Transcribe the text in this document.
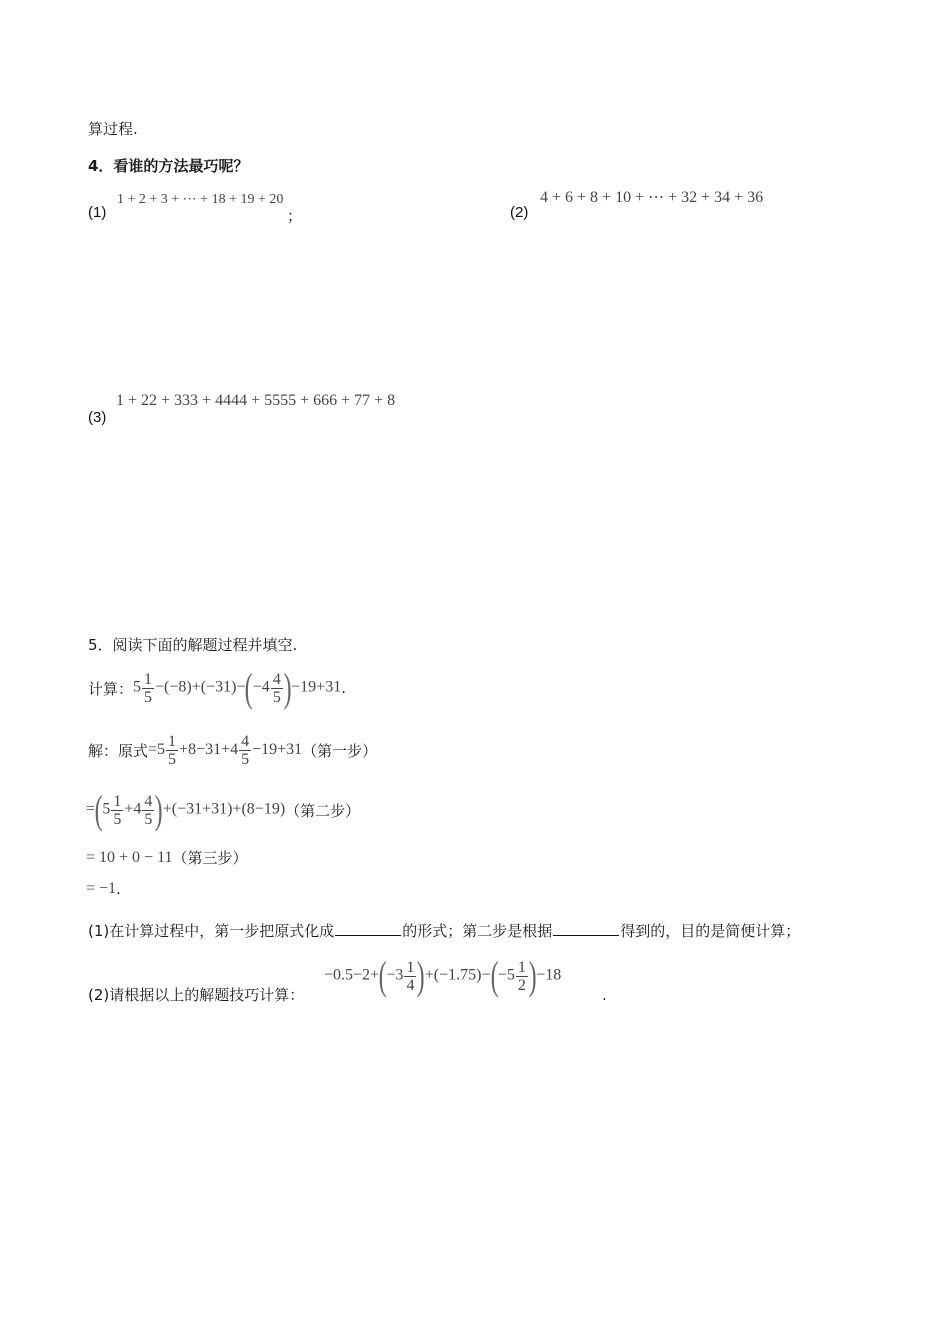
算过程.
4．看谁的方法最巧呢？
(1)
1 + 2 + 3 + ⋯ + 18 + 19 + 20
；	(2)
4 + 6 + 8 + 10 + ⋯ + 32 + 34 + 36
(3)
1 + 22 + 333 + 4444 + 5555 + 666 + 77 + 8
5．阅读下面的解题过程并填空.
计算： $5 \frac{1}{5} -(-8)+(-31)-(-4 \frac{4}{5} )-19+31$ .
解：原式 $=5 \frac{1}{5} +8-31+4 \frac{4}{5} -19+31$ （第一步）
$=(5 \frac{1}{5} +4 \frac{4}{5} )+(-31+31)+(8-19)$ （第二步）
= 10 + 0 − 11 （第三步）
= −1 .
(1)在计算过程中，第一步把原式化成	的形式；第二步是根据	得到的，目的是简便计算；
(2)请根据以上的解题技巧计算：
$-0.5-2+(-3 \frac{1}{4} )+(-1.75)-(-5 \frac{1}{2} )-18$
.
